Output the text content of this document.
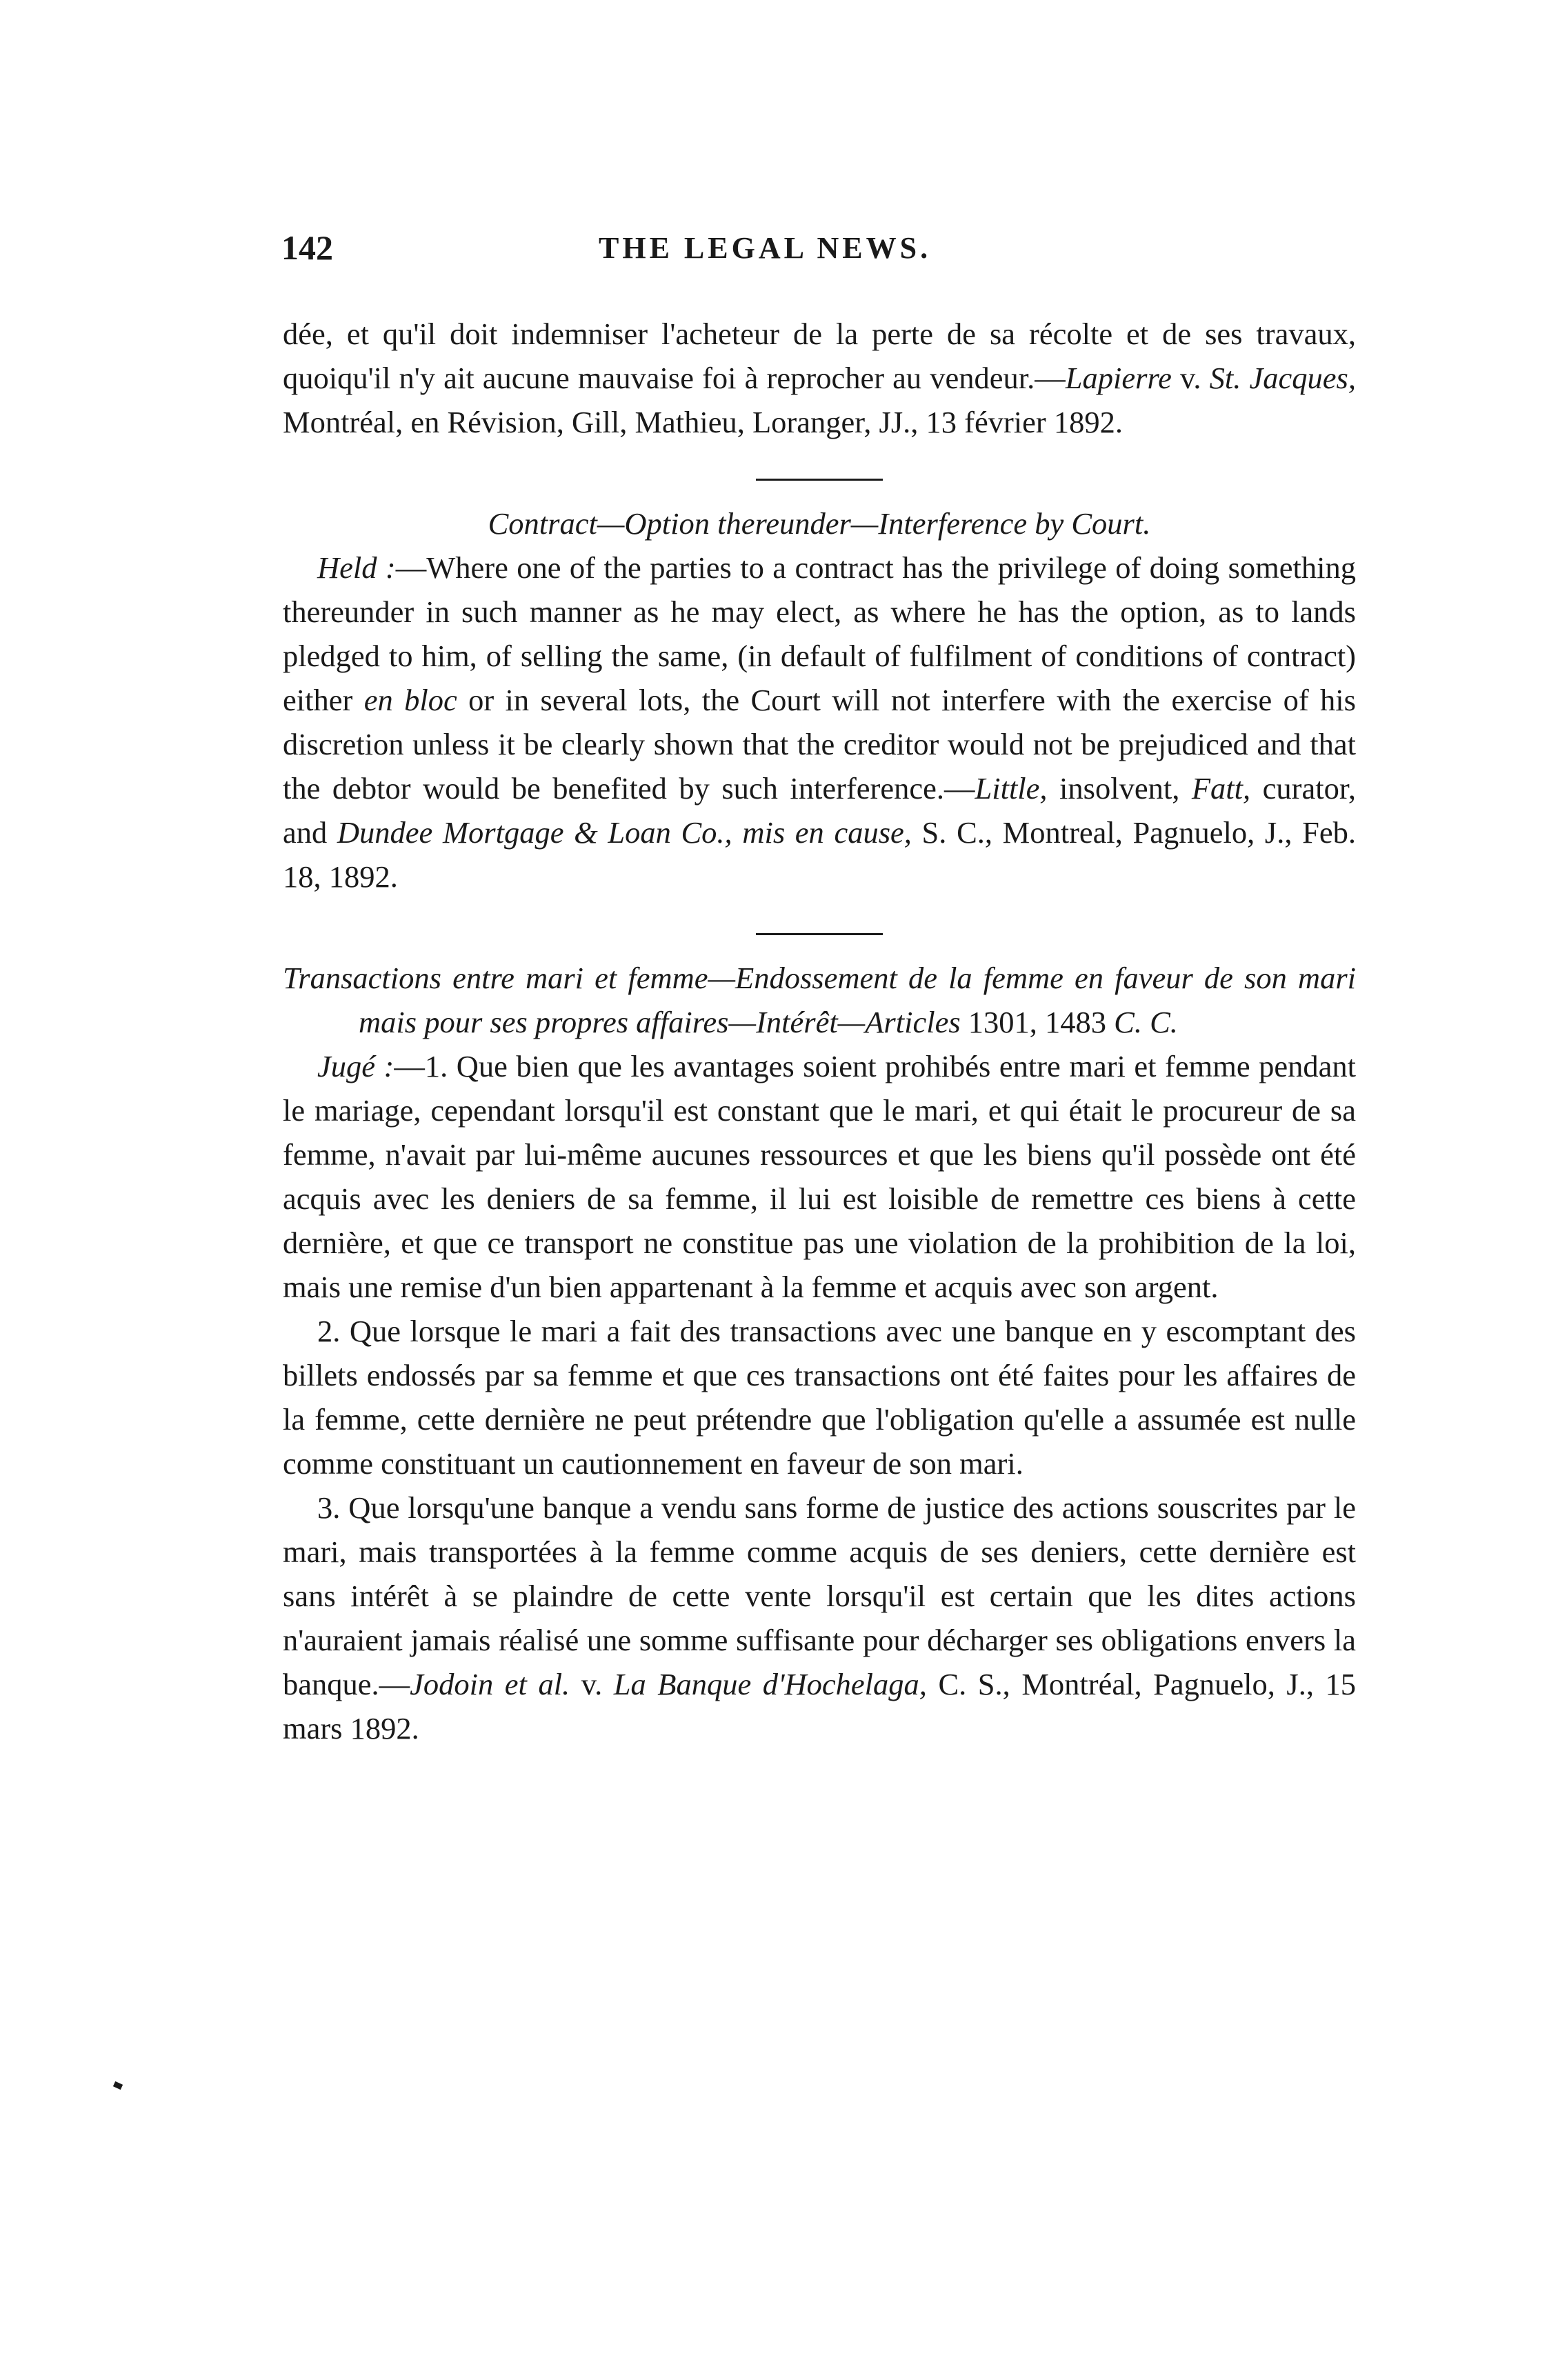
142	THE LEGAL NEWS.

dée, et qu'il doit indemniser l'acheteur de la perte de sa récolte et de ses travaux, quoiqu'il n'y ait aucune mauvaise foi à reprocher au vendeur.—Lapierre v. St. Jacques, Montréal, en Révision, Gill, Mathieu, Loranger, JJ., 13 février 1892.

Contract—Option thereunder—Interference by Court.

Held :—Where one of the parties to a contract has the privilege of doing something thereunder in such manner as he may elect, as where he has the option, as to lands pledged to him, of selling the same, (in default of fulfilment of conditions of contract) either en bloc or in several lots, the Court will not interfere with the exercise of his discretion unless it be clearly shown that the creditor would not be prejudiced and that the debtor would be benefited by such interference.—Little, insolvent, Fatt, curator, and Dundee Mortgage & Loan Co., mis en cause, S. C., Montreal, Pagnuelo, J., Feb. 18, 1892.

Transactions entre mari et femme—Endossement de la femme en faveur de son mari mais pour ses propres affaires—Intérêt—Articles 1301, 1483 C. C.

Jugé :—1. Que bien que les avantages soient prohibés entre mari et femme pendant le mariage, cependant lorsqu'il est constant que le mari, et qui était le procureur de sa femme, n'avait par lui-même aucunes ressources et que les biens qu'il possède ont été acquis avec les deniers de sa femme, il lui est loisible de remettre ces biens à cette dernière, et que ce transport ne constitue pas une violation de la prohibition de la loi, mais une remise d'un bien appartenant à la femme et acquis avec son argent.

2. Que lorsque le mari a fait des transactions avec une banque en y escomptant des billets endossés par sa femme et que ces transactions ont été faites pour les affaires de la femme, cette dernière ne peut prétendre que l'obligation qu'elle a assumée est nulle comme constituant un cautionnement en faveur de son mari.

3. Que lorsqu'une banque a vendu sans forme de justice des actions souscrites par le mari, mais transportées à la femme comme acquis de ses deniers, cette dernière est sans intérêt à se plaindre de cette vente lorsqu'il est certain que les dites actions n'auraient jamais réalisé une somme suffisante pour décharger ses obligations envers la banque.—Jodoin et al. v. La Banque d'Hochelaga, C. S., Montréal, Pagnuelo, J., 15 mars 1892.
